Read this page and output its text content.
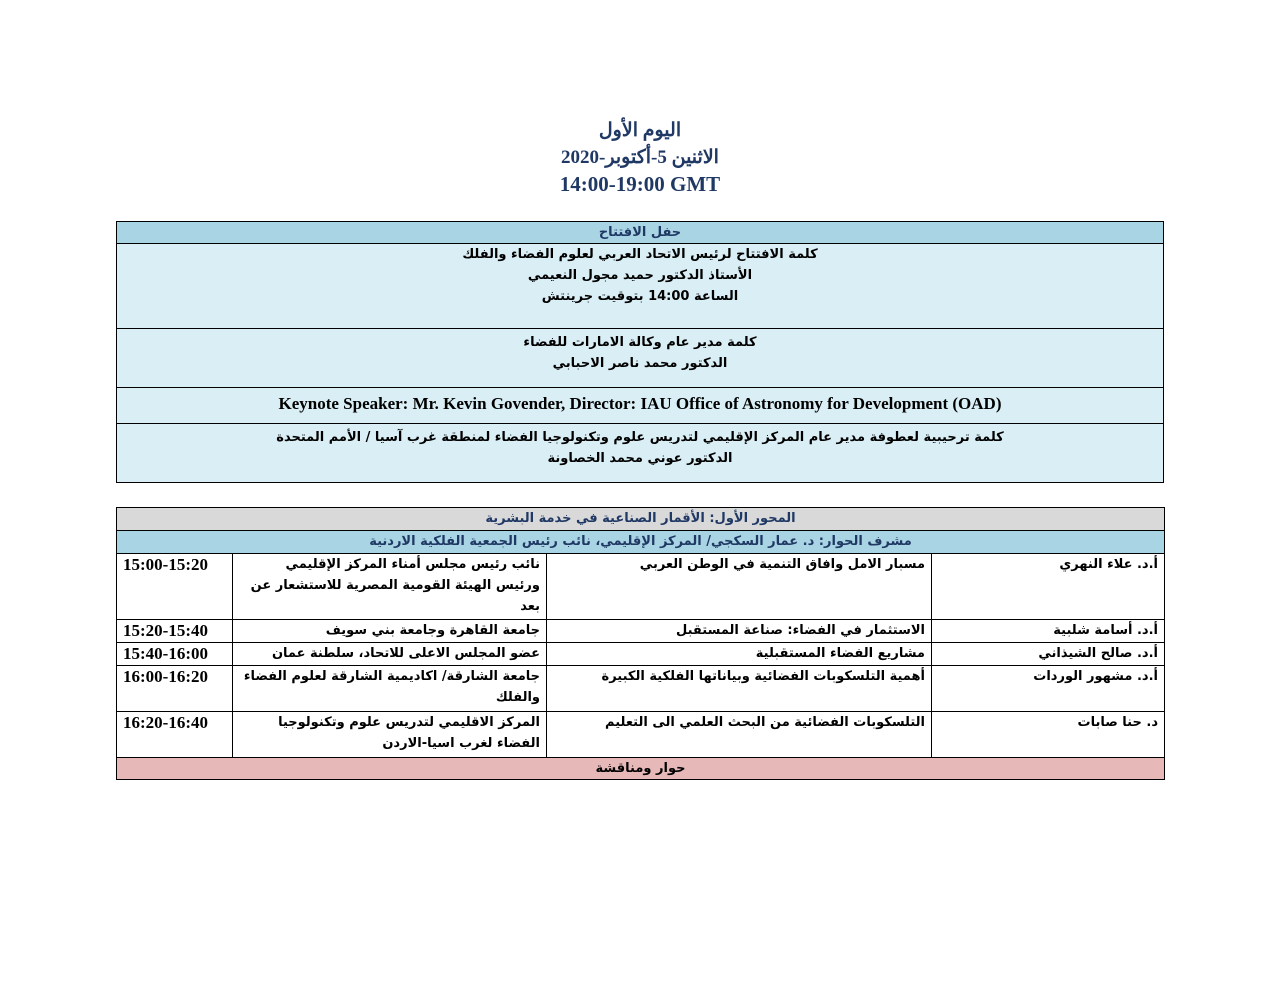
اليوم الأول
الاثنين 5-أكتوبر-2020
14:00-19:00 GMT
حفل الافتتاح

كلمة الافتتاح لرئيس الاتحاد العربي لعلوم الفضاء والفلك
الأستاذ الدكتور حميد مجول النعيمي
الساعة 14:00 بتوقيت جرينتش

كلمة مدير عام وكالة الامارات للفضاء
الدكتور محمد ناصر الاحبابي

Keynote Speaker: Mr. Kevin Govender, Director: IAU Office of Astronomy for Development (OAD)

كلمة ترحيبية لعطوفة مدير عام المركز الإقليمي لتدريس علوم وتكنولوجيا الفضاء لمنطقة غرب آسيا / الأمم المتحدة
الدكتور عوني محمد الخصاونة
المحور الأول: الأقمار الصناعية في خدمة البشرية			
مشرف الحوار: د. عمار السكجي/ المركز الإقليمي، نائب رئيس الجمعية الفلكية الاردنية			
15:00-15:20	نائب رئيس مجلس أمناء المركز الإقليمي ورئيس الهيئة القومية المصرية للاستشعار عن بعد	مسبار الامل وافاق التنمية في الوطن العربي	أ.د. علاء النهري
15:20-15:40	جامعة القاهرة وجامعة بني سويف	الاستثمار في الفضاء: صناعة المستقبل	أ.د. أسامة شلبية
15:40-16:00	عضو المجلس الاعلى للاتحاد، سلطنة عمان	مشاريع الفضاء المستقبلية	أ.د. صالح الشيذاني
16:00-16:20	جامعة الشارقة/ اكاديمية الشارقة لعلوم الفضاء والفلك	أهمية التلسكوبات الفضائية وبياناتها الفلكية الكبيرة	أ.د. مشهور الوردات
16:20-16:40	المركز الاقليمي لتدريس علوم وتكنولوجيا الفضاء لغرب اسيا-الاردن	التلسكوبات الفضائية من البحث العلمي الى التعليم	د. حنا صابات
حوار ومناقشة			
